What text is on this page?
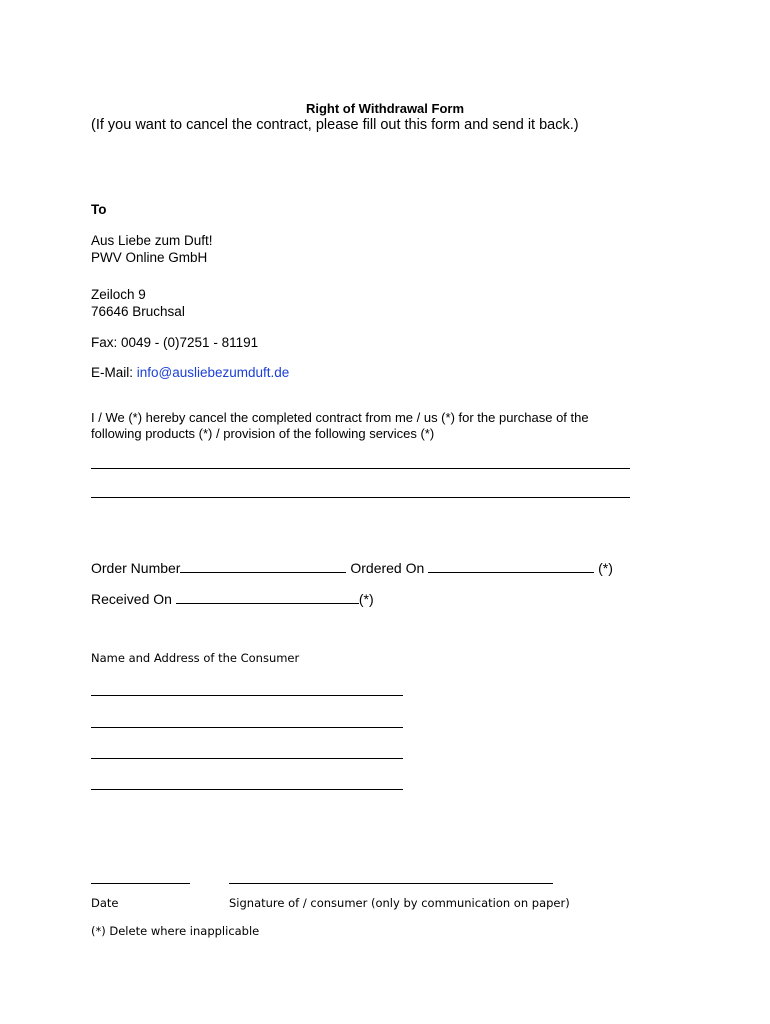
Right of Withdrawal Form
(If you want to cancel the contract, please fill out this form and send it back.)
To
Aus Liebe zum Duft!
PWV Online GmbH
Zeiloch 9
76646 Bruchsal
Fax: 0049 - (0)7251 - 81191
E-Mail: info@ausliebezumduft.de
I / We (*) hereby cancel the completed contract from me / us (*) for the purchase of the
following products (*) / provision of the following services (*)
Order Number	Ordered On	(*)
Received On	(*)
Name and Address of the Consumer
Date	Signature of / consumer (only by communication on paper)
(*) Delete where inapplicable
